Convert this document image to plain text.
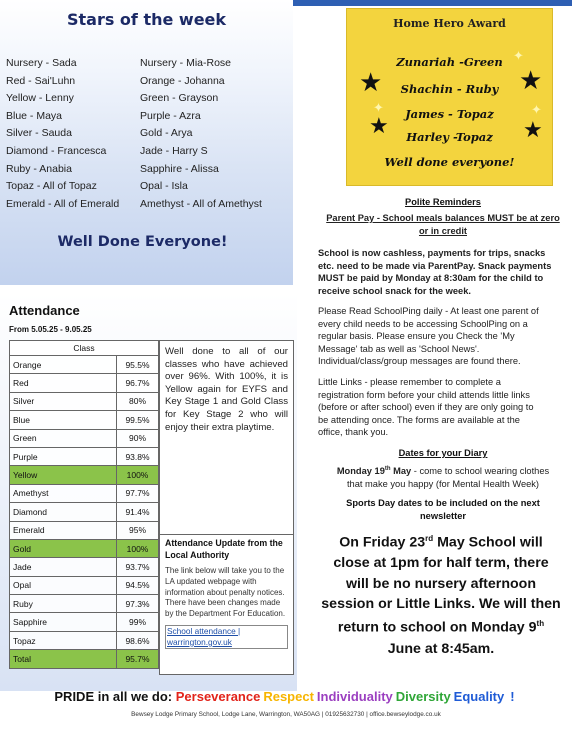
Stars of the week
Well Done Everyone!
Nursery - Sada
Red - Sai'Luhn
Yellow - Lenny
Blue - Maya
Silver - Sauda
Diamond - Francesca
Ruby - Anabia
Topaz - All of Topaz
Emerald - All of Emerald
Nursery - Mia-Rose
Orange - Johanna
Green - Grayson
Purple - Azra
Gold - Arya
Jade - Harry S
Sapphire - Alissa
Opal - Isla
Amethyst - All of Amethyst
Home Hero Award
Zunariah -Green
Shachin - Ruby
James - Topaz
Harley -Topaz
Well done everyone!
★
★
★
★
✦
✦	✦
Polite Reminders
Parent Pay - School meals balances MUST be at zero
or in credit
School is now cashless, payments for trips, snacks
etc. need to be made via ParentPay. Snack payments
MUST be paid by Monday at 8:30am for the child to
receive school snack for the week.
Please Read SchoolPing daily - At least one parent of
every child needs to be accessing SchoolPing on a
regular basis. Please ensure you Check the 'My
Message' tab as well as 'School News'.
Individual/class/group messages are found there.
Little Links - please remember to complete a
registration form before your child attends little links
(before or after school) even if they are only going to
be attending once. The forms are available at the
office, thank you.
Dates for your Diary
Monday 19th May - come to school wearing clothes
that make you happy (for Mental Health Week)
Sports Day dates to be included on the next
newsletter
On Friday 23rd May School will
close at 1pm for half term, there
will be no nursery afternoon
session or Little Links. We will then
return to school on Monday 9th
June at 8:45am.
Attendance
From 5.05.25 - 9.05.25
Class	
Orange	95.5%
Red	96.7%
Silver	80%
Blue	99.5%
Green	90%
Purple	93.8%
Yellow	100%
Amethyst	97.7%
Diamond	91.4%
Emerald	95%
Gold	100%
Jade	93.7%
Opal	94.5%
Ruby	97.3%
Sapphire	99%
Topaz	98.6%
Total	95.7%
Well done to all of our classes who have achieved over 96%. With 100%, it is Yellow again for EYFS and Key Stage 1 and Gold Class for Key Stage 2 who will enjoy their extra playtime.
Attendance Update from the Local Authority
The link below will take you to the LA updated webpage with information about penalty notices. There have been changes made by the Department For Education.
School attendance | warrington.gov.uk
PRIDE in all we do: Perseverance Respect Individuality Diversity Equality !
Bewsey Lodge Primary School, Lodge Lane, Warrington, WA50AG | 01925632730 | office.bewseylodge.co.uk
